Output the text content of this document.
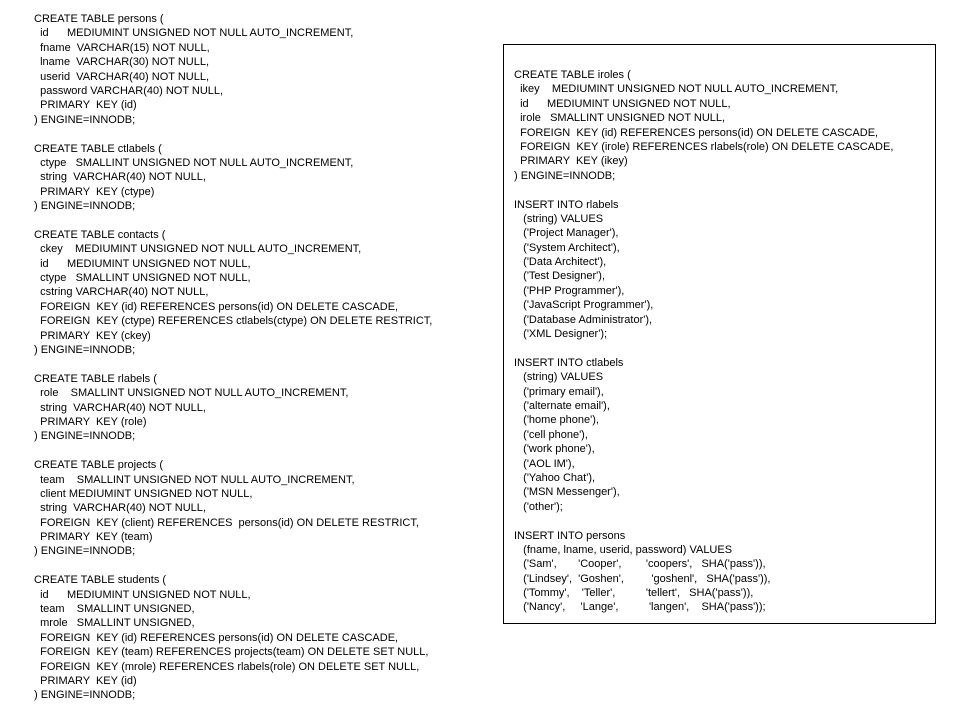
CREATE TABLE persons (
id      MEDIUMINT UNSIGNED NOT NULL AUTO_INCREMENT,
fname  VARCHAR(15) NOT NULL,
lname  VARCHAR(30) NOT NULL,
userid  VARCHAR(40) NOT NULL,
password VARCHAR(40) NOT NULL,
PRIMARY  KEY (id)
) ENGINE=INNODB;

CREATE TABLE ctlabels (
ctype   SMALLINT UNSIGNED NOT NULL AUTO_INCREMENT,
string  VARCHAR(40) NOT NULL,
PRIMARY  KEY (ctype)
) ENGINE=INNODB;

CREATE TABLE contacts (
ckey    MEDIUMINT UNSIGNED NOT NULL AUTO_INCREMENT,
id      MEDIUMINT UNSIGNED NOT NULL,
ctype   SMALLINT UNSIGNED NOT NULL,
cstring VARCHAR(40) NOT NULL,
FOREIGN  KEY (id) REFERENCES persons(id) ON DELETE CASCADE,
FOREIGN  KEY (ctype) REFERENCES ctlabels(ctype) ON DELETE RESTRICT,
PRIMARY  KEY (ckey)
) ENGINE=INNODB;

CREATE TABLE rlabels (
role    SMALLINT UNSIGNED NOT NULL AUTO_INCREMENT,
string  VARCHAR(40) NOT NULL,
PRIMARY  KEY (role)
) ENGINE=INNODB;

CREATE TABLE projects (
team    SMALLINT UNSIGNED NOT NULL AUTO_INCREMENT,
client MEDIUMINT UNSIGNED NOT NULL,
string  VARCHAR(40) NOT NULL,
FOREIGN  KEY (client) REFERENCES  persons(id) ON DELETE RESTRICT,
PRIMARY  KEY (team)
) ENGINE=INNODB;

CREATE TABLE students (
id      MEDIUMINT UNSIGNED NOT NULL,
team    SMALLINT UNSIGNED,
mrole   SMALLINT UNSIGNED,
FOREIGN  KEY (id) REFERENCES persons(id) ON DELETE CASCADE,
FOREIGN  KEY (team) REFERENCES projects(team) ON DELETE SET NULL,
FOREIGN  KEY (mrole) REFERENCES rlabels(role) ON DELETE SET NULL,
PRIMARY  KEY (id)
) ENGINE=INNODB;
CREATE TABLE iroles (
ikey    MEDIUMINT UNSIGNED NOT NULL AUTO_INCREMENT,
id      MEDIUMINT UNSIGNED NOT NULL,
irole   SMALLINT UNSIGNED NOT NULL,
FOREIGN  KEY (id) REFERENCES persons(id) ON DELETE CASCADE,
FOREIGN  KEY (irole) REFERENCES rlabels(role) ON DELETE CASCADE,
PRIMARY  KEY (ikey)
) ENGINE=INNODB;

INSERT INTO rlabels
(string) VALUES
('Project Manager'),
('System Architect'),
('Data Architect'),
('Test Designer'),
('PHP Programmer'),
('JavaScript Programmer'),
('Database Administrator'),
('XML Designer');

INSERT INTO ctlabels
(string) VALUES
('primary email'),
('alternate email'),
('home phone'),
('cell phone'),
('work phone'),
('AOL IM'),
('Yahoo Chat'),
('MSN Messenger'),
('other');

INSERT INTO persons
(fname, lname, userid, password) VALUES
('Sam',       'Cooper',        'coopers',   SHA('pass')),
('Lindsey',  'Goshen',         'goshenl',   SHA('pass')),
('Tommy',    'Teller',          'tellert',   SHA('pass')),
('Nancy',     'Lange',          'langen',    SHA('pass'));
